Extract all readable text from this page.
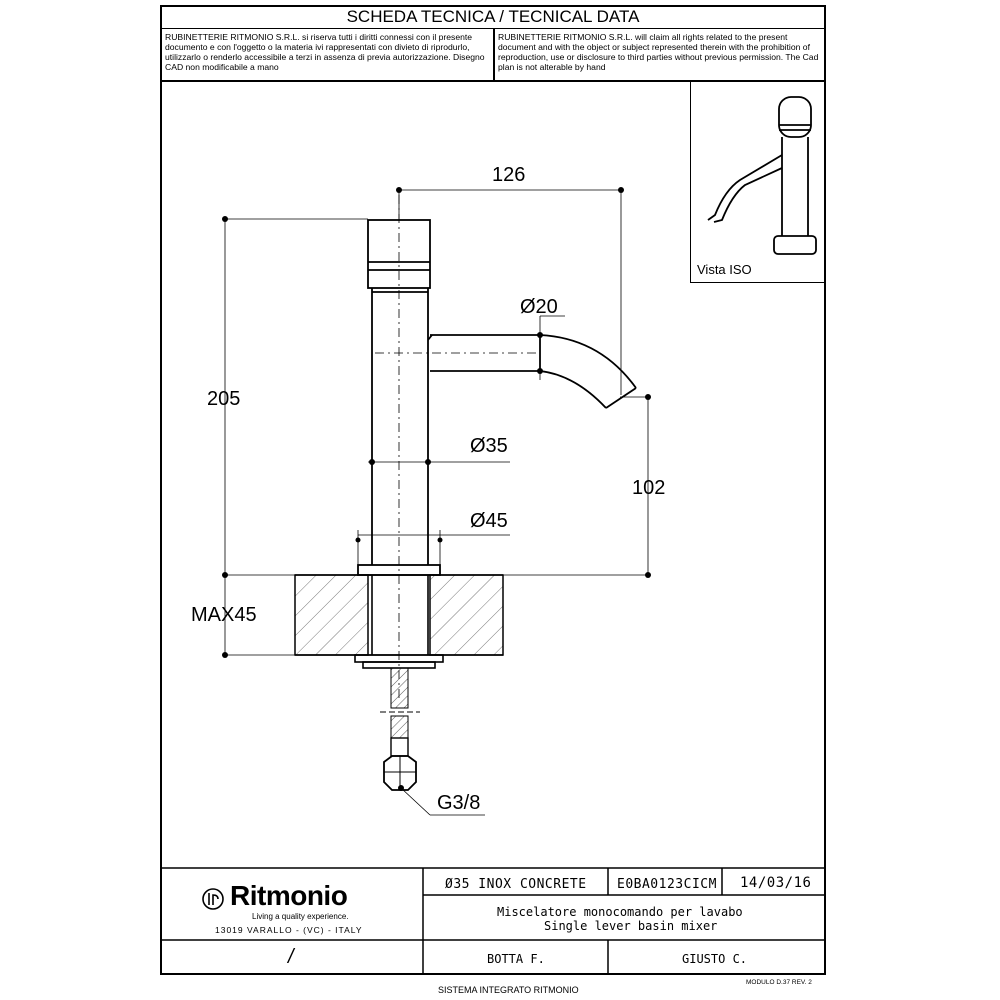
SCHEDA TECNICA / TECNICAL DATA
RUBINETTERIE RITMONIO S.R.L. si riserva tutti i diritti connessi con il presente documento e con l'oggetto o la materia ivi rappresentati con divieto di riprodurlo, utilizzarlo o renderlo accessibile a terzi in assenza di previa autorizzazione. Disegno CAD non modificabile a mano
RUBINETTERIE RITMONIO S.R.L. will claim all rights related to the present document and with the object or subject represented therein with the prohibition of reproduction, use or disclosure to third parties without previous permission. The Cad plan is not alterable by hand
Vista ISO
126
Ø20
205
Ø35
102
Ø45
MAX45
G3/8
Ritmonio
Living a quality experience.
13019 VARALLO - (VC) - ITALY
Ø35 INOX CONCRETE E0BA0123CICM 14/03/16
Miscelatore monocomando per lavabo
Single lever basin mixer
/	BOTTA F.	GIUSTO C.
SISTEMA INTEGRATO RITMONIO
MODULO D.37 REV. 2
